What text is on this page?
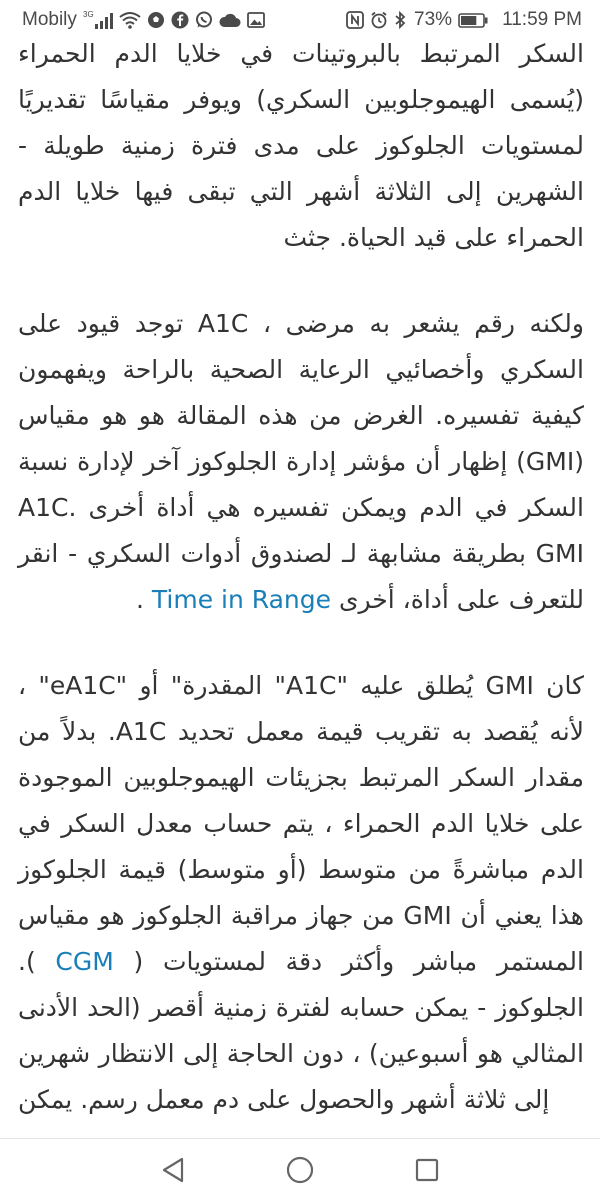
Mobily 3G	73%	11:59 PM

السكر المرتبط بالبروتينات في خلايا الدم الحمراء (يُسمى الهيموجلوبين السكري) ويوفر مقياسًا تقديريًا لمستويات الجلوكوز على مدى فترة زمنية طويلة - الشهرين إلى الثلاثة أشهر التي تبقى فيها خلايا الدم الحمراء على قيد الحياة. جثث

ولكنه رقم يشعر به مرضى ، A1C توجد قيود على السكري وأخصائيي الرعاية الصحية بالراحة ويفهمون كيفية تفسيره. الغرض من هذه المقالة هو هو مقياس (GMI) إظهار أن مؤشر إدارة الجلوكوز آخر لإدارة نسبة السكر في الدم ويمكن تفسيره هي أداة أخرى A1C. GMI بطريقة مشابهة لـ لصندوق أدوات السكري - انقر للتعرف على أداة، أخرى Time in Range .

، "eA1C" المقدرة" أو "A1C" يُطلق عليه GMI كان بدلاً من .A1C لأنه يُقصد به تقريب قيمة معمل تحديد مقدار السكر المرتبط بجزيئات الهيموجلوبين الموجودة على خلايا الدم الحمراء ، يتم حساب معدل السكر في الدم مباشرةً من متوسط (أو متوسط) قيمة الجلوكوز من جهاز مراقبة الجلوكوز هو مقياس GMI هذا يعني أن .( CGM ) المستمر مباشر وأكثر دقة لمستويات الجلوكوز - يمكن حسابه لفترة زمنية أقصر (الحد الأدنى المثالي هو أسبوعين) ، دون الحاجة إلى الانتظار شهرين إلى ثلاثة أشهر والحصول على دم معمل رسم. يمكن
